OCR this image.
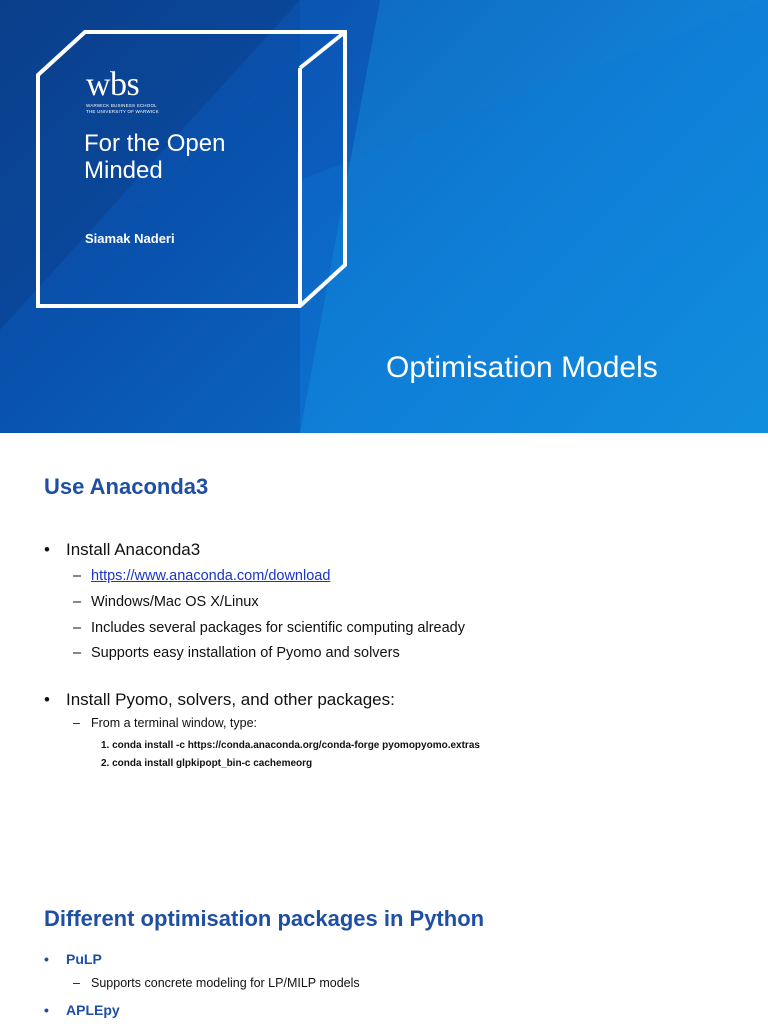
wbs
WARWICK BUSINESS SCHOOL
THE UNIVERSITY OF WARWICK
For the Open Minded
Siamak Naderi
Optimisation Models
Use Anaconda3
• Install Anaconda3
– https://www.anaconda.com/download
– Windows/Mac OS X/Linux
– Includes several packages for scientific computing already
– Supports easy installation of Pyomo and solvers
• Install Pyomo, solvers, and other packages:
– From a terminal window, type:
1. conda install -c https://conda.anaconda.org/conda-forge pyomopyomo.extras
2. conda install glpkipopt_bin-c cachemeorg
Different optimisation packages in Python
• PuLP
– Supports concrete modeling for LP/MILP models
• APLEpy
